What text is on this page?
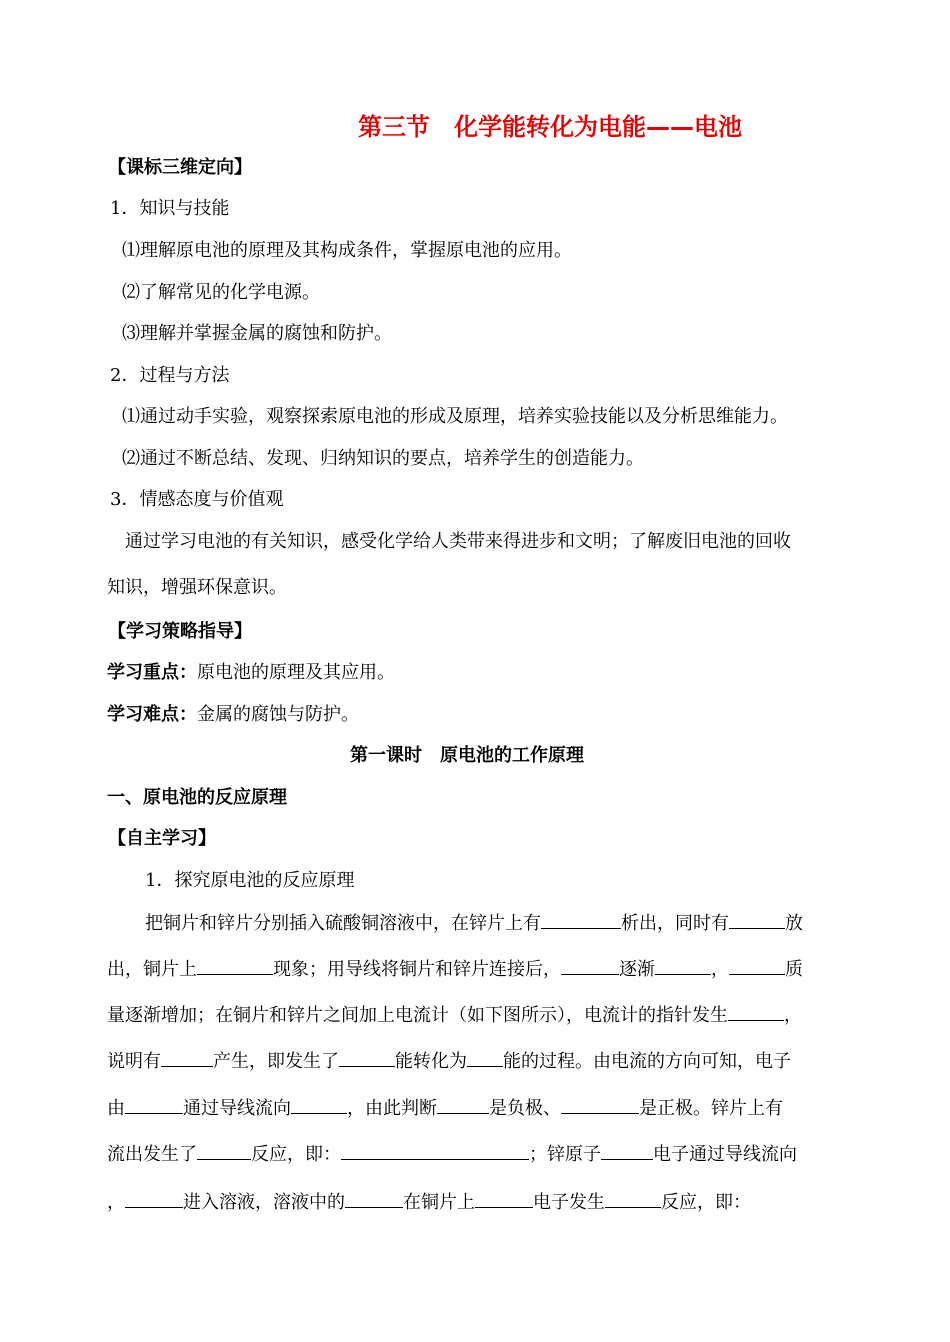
第三节　化学能转化为电能——电池
【课标三维定向】
1．知识与技能
⑴理解原电池的原理及其构成条件，掌握原电池的应用。
⑵了解常见的化学电源。
⑶理解并掌握金属的腐蚀和防护。
2．过程与方法
⑴通过动手实验，观察探索原电池的形成及原理，培养实验技能以及分析思维能力。
⑵通过不断总结、发现、归纳知识的要点，培养学生的创造能力。
3．情感态度与价值观
通过学习电池的有关知识，感受化学给人类带来得进步和文明；了解废旧电池的回收
知识，增强环保意识。
【学习策略指导】
学习重点：原电池的原理及其应用。
学习难点：金属的腐蚀与防护。
第一课时　原电池的工作原理
一、原电池的反应原理
【自主学习】
1．探究原电池的反应原理
把铜片和锌片分别插入硫酸铜溶液中，在锌片上有	析出，同时有	放
出，铜片上	现象；用导线将铜片和锌片连接后，	逐渐	，	质
量逐渐增加；在铜片和锌片之间加上电流计（如下图所示），电流计的指针发生	，
说明有	产生，即发生了	能转化为 能的过程。由电流的方向可知，电子
由	通过导线流向	，由此判断	是负极、	是正极。锌片上有
流出发生了	反应，即：	；锌原子	电子通过导线流向
，	进入溶液，溶液中的	在铜片上	电子发生	反应，即：
